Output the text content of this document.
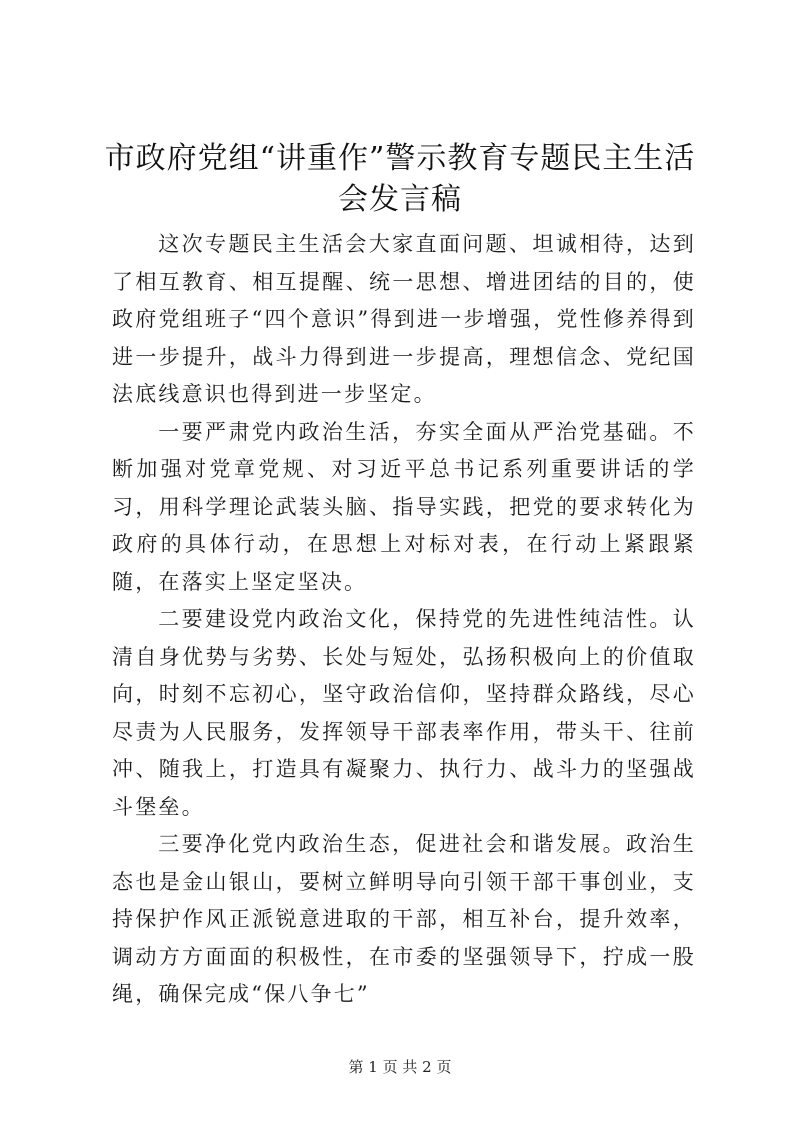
市政府党组“讲重作”警示教育专题民主生活
会发言稿

这次专题民主生活会大家直面问题、坦诚相待，达到了相互教育、相互提醒、统一思想、增进团结的目的，使政府党组班子“四个意识”得到进一步增强，党性修养得到进一步提升，战斗力得到进一步提高，理想信念、党纪国法底线意识也得到进一步坚定。

一要严肃党内政治生活，夯实全面从严治党基础。不断加强对党章党规、对习近平总书记系列重要讲话的学习，用科学理论武装头脑、指导实践，把党的要求转化为政府的具体行动，在思想上对标对表，在行动上紧跟紧随，在落实上坚定坚决。

二要建设党内政治文化，保持党的先进性纯洁性。认清自身优势与劣势、长处与短处，弘扬积极向上的价值取向，时刻不忘初心，坚守政治信仰，坚持群众路线，尽心尽责为人民服务，发挥领导干部表率作用，带头干、往前冲、随我上，打造具有凝聚力、执行力、战斗力的坚强战斗堡垒。

三要净化党内政治生态，促进社会和谐发展。政治生态也是金山银山，要树立鲜明导向引领干部干事创业，支持保护作风正派锐意进取的干部，相互补台，提升效率，调动方方面面的积极性，在市委的坚强领导下，拧成一股绳，确保完成“保八争七”

第 1 页 共 2 页
